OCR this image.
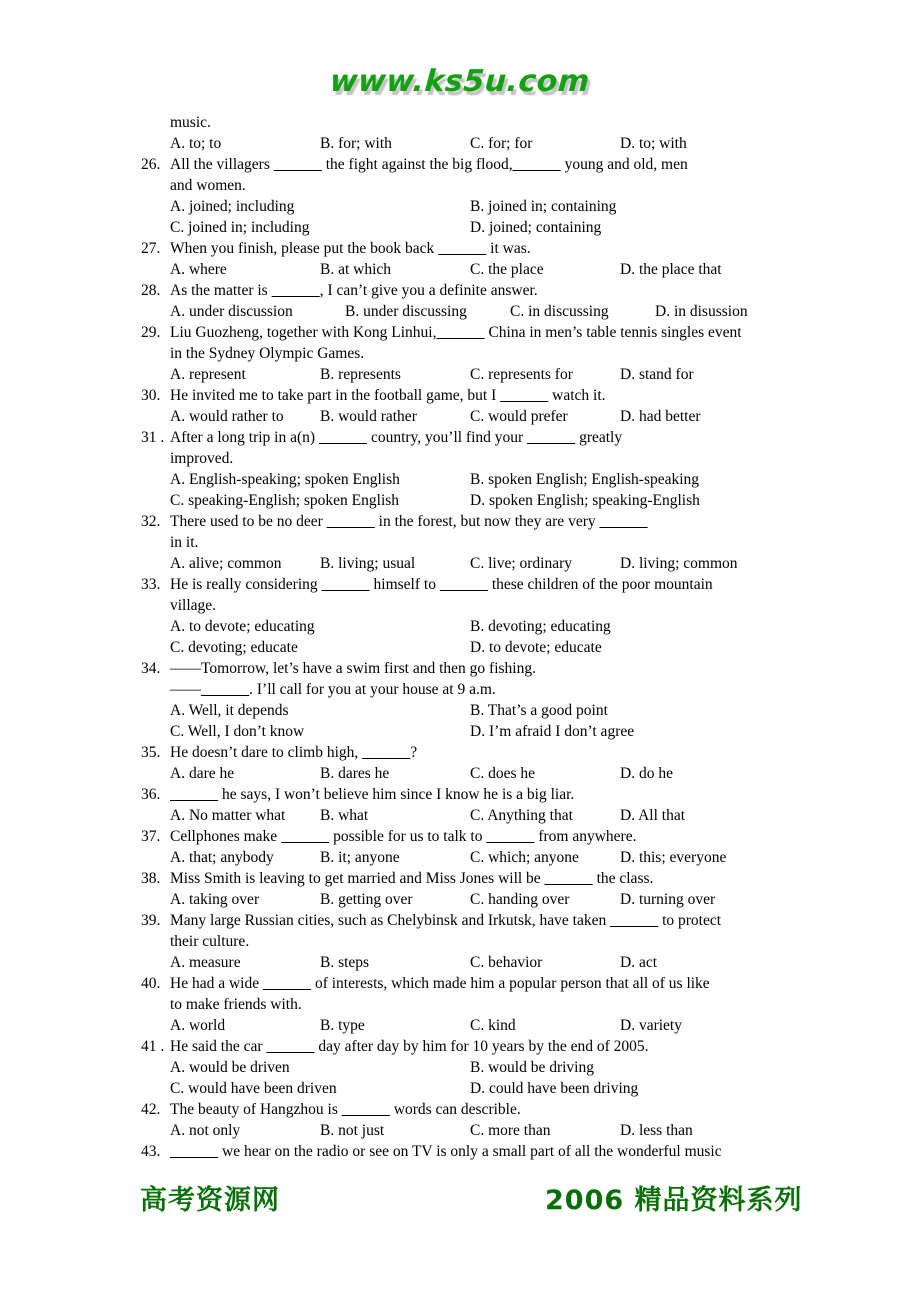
www.ks5u.com
music.
A. to; to	B. for; with	C. for; for	D. to; with
26. All the villagers	the fight against the big flood,	young and old, men
and women.
A. joined; including	B. joined in; containing
C. joined in; including	D. joined; containing
27. When you finish, please put the book back	it was.
A. where	B. at which	C. the place	D. the place that
28. As the matter is	, I can’t give you a definite answer.
A. under discussion	B. under discussing	C. in discussing	D. in disussion
29. Liu Guozheng, together with Kong Linhui,	China in men’s table tennis singles event
in the Sydney Olympic Games.
A. represent	B. represents	C. represents for	D. stand for
30. He invited me to take part in the football game, but I	watch it.
A. would rather to B. would rather	C. would prefer	D. had better
31 . After a long trip in a(n)	country, you’ll find your	greatly
improved.
A. English-speaking; spoken English	B. spoken English; English-speaking
C. speaking-English; spoken English	D. spoken English; speaking-English
32. There used to be no deer	in the forest, but now they are very
in it.
A. alive; common B. living; usual	C. live; ordinary	D. living; common
33. He is really considering	himself to	these children of the poor mountain
village.
A. to devote; educating	B. devoting; educating
C. devoting; educate	D. to devote; educate
34. ——Tomorrow, let’s have a swim first and then go fishing.
——	. I’ll call for you at your house at 9 a.m.
A. Well, it depends	B. That’s a good point
C. Well, I don’t know	D. I’m afraid I don’t agree
35. He doesn’t dare to climb high,	?
A. dare he	B. dares he	C. does he	D. do he
36.	he says, I won’t believe him since I know he is a big liar.
A. No matter what B. what	C. Anything that	D. All that
37. Cellphones make	possible for us to talk to	from anywhere.
A. that; anybody	B. it; anyone	C. which; anyone	D. this; everyone
38. Miss Smith is leaving to get married and Miss Jones will be	the class.
A. taking over	B. getting over	C. handing over	D. turning over
39. Many large Russian cities, such as Chelybinsk and Irkutsk, have taken	to protect
their culture.
A. measure	B. steps	C. behavior	D. act
40. He had a wide	of interests, which made him a popular person that all of us like
to make friends with.
A. world	B. type	C. kind	D. variety
41 . He said the car	day after day by him for 10 years by the end of 2005.
A. would be driven	B. would be driving
C. would have been driven	D. could have been driving
42. The beauty of Hangzhou is	words can describle.
A. not only	B. not just	C. more than	D. less than
43.	we hear on the radio or see on TV is only a small part of all the wonderful music
高考资源网	2006 精品资料系列
